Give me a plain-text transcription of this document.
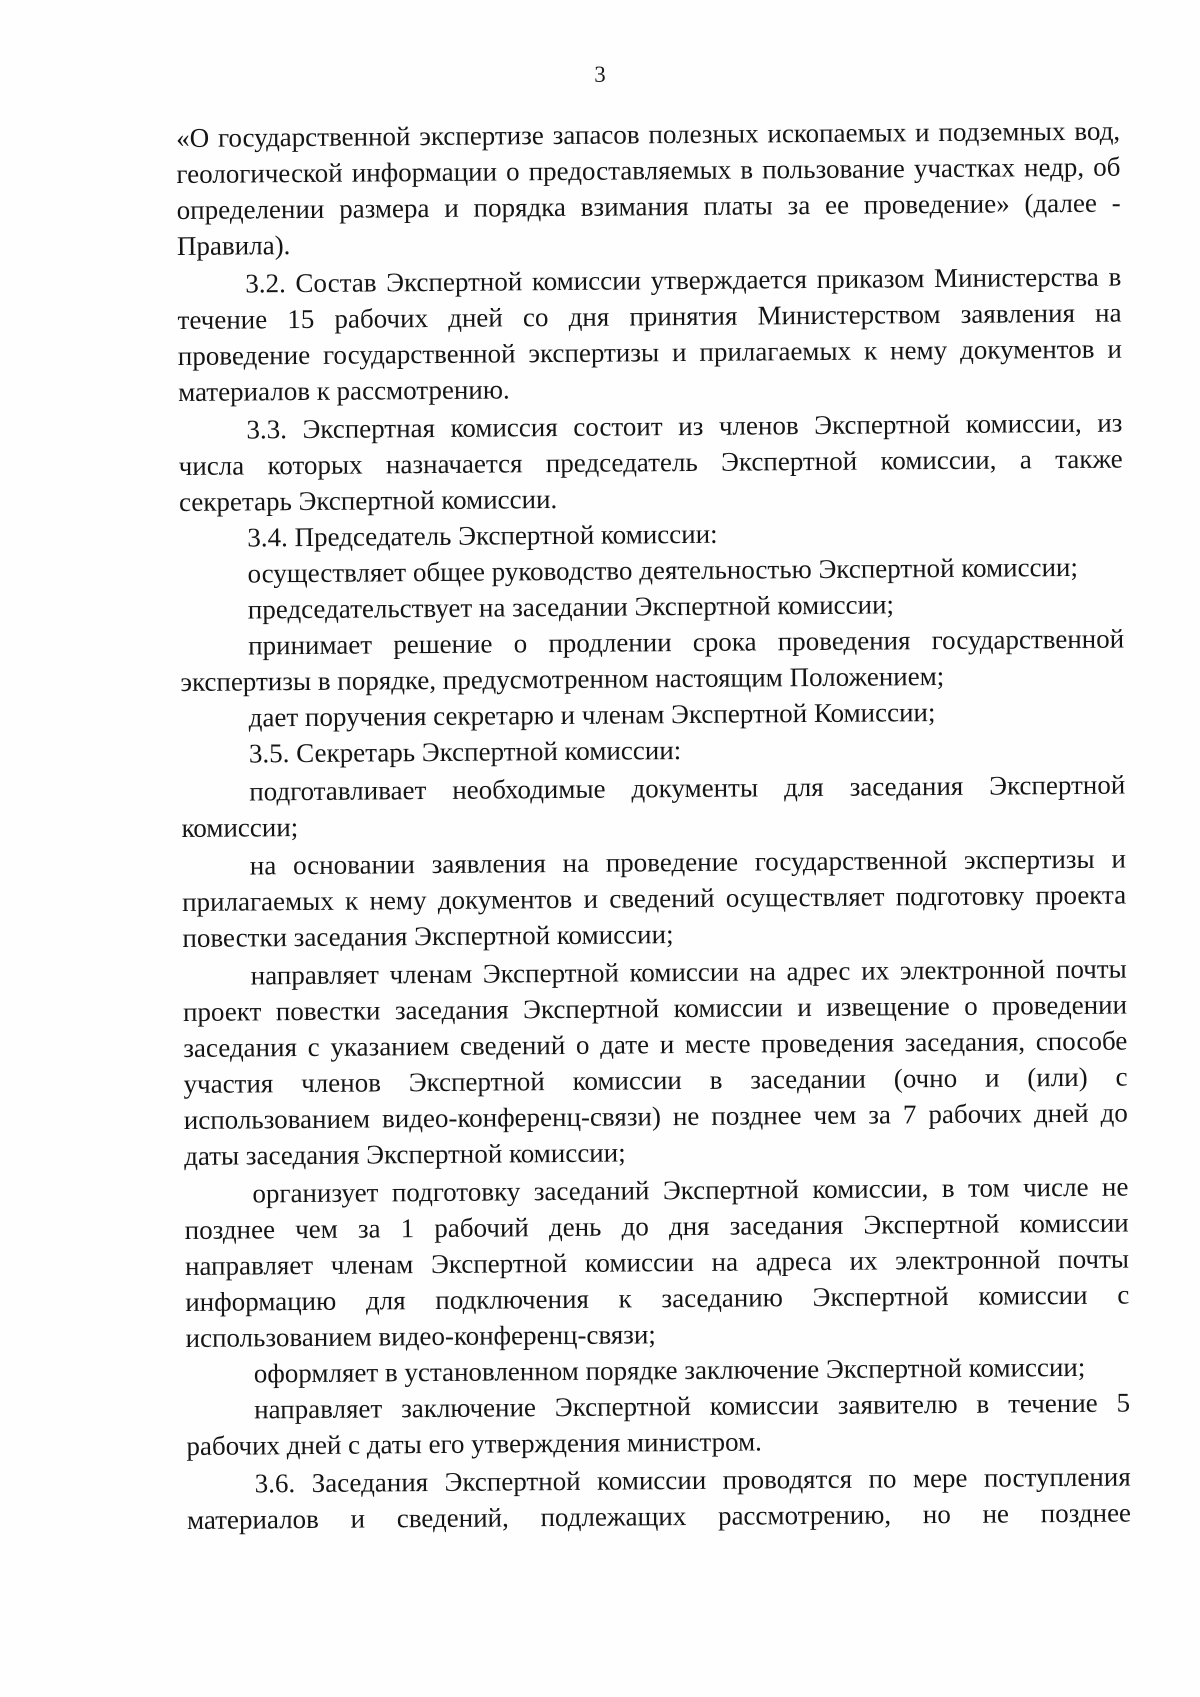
3

«О государственной экспертизе запасов полезных ископаемых и подземных вод, геологической информации о предоставляемых в пользование участках недр, об определении размера и порядка взимания платы за ее проведение» (далее - Правила).

3.2. Состав Экспертной комиссии утверждается приказом Министерства в течение 15 рабочих дней со дня принятия Министерством заявления на проведение государственной экспертизы и прилагаемых к нему документов и материалов к рассмотрению.

3.3. Экспертная комиссия состоит из членов Экспертной комиссии, из числа которых назначается председатель Экспертной комиссии, а также секретарь Экспертной комиссии.

3.4. Председатель Экспертной комиссии:

осуществляет общее руководство деятельностью Экспертной комиссии;

председательствует на заседании Экспертной комиссии;

принимает решение о продлении срока проведения государственной экспертизы в порядке, предусмотренном настоящим Положением;

дает поручения секретарю и членам Экспертной Комиссии;

3.5. Секретарь Экспертной комиссии:

подготавливает необходимые документы для заседания Экспертной комиссии;

на основании заявления на проведение государственной экспертизы и прилагаемых к нему документов и сведений осуществляет подготовку проекта повестки заседания Экспертной комиссии;

направляет членам Экспертной комиссии на адрес их электронной почты проект повестки заседания Экспертной комиссии и извещение о проведении заседания с указанием сведений о дате и месте проведения заседания, способе участия членов Экспертной комиссии в заседании (очно и (или) с использованием видео-конференц-связи) не позднее чем за 7 рабочих дней до даты заседания Экспертной комиссии;

организует подготовку заседаний Экспертной комиссии, в том числе не позднее чем за 1 рабочий день до дня заседания Экспертной комиссии направляет членам Экспертной комиссии на адреса их электронной почты информацию для подключения к заседанию Экспертной комиссии с использованием видео-конференц-связи;

оформляет в установленном порядке заключение Экспертной комиссии;

направляет заключение Экспертной комиссии заявителю в течение 5 рабочих дней с даты его утверждения министром.

3.6. Заседания Экспертной комиссии проводятся по мере поступления материалов и сведений, подлежащих рассмотрению, но не позднее
